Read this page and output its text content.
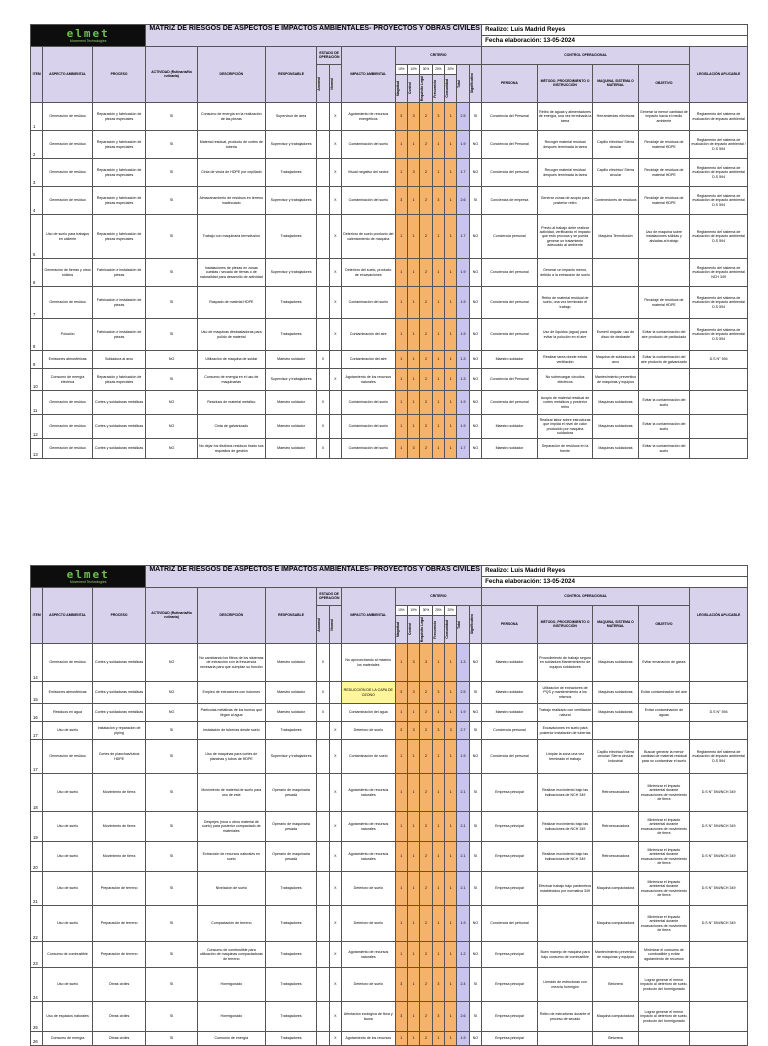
elmet
Movement Technologies			MATRIZ DE RIESGOS DE ASPECTOS E IMPACTOS AMBIENTALES- PROYECTOS Y OBRAS CIVILES													Realizo: Luis Madrid Reyes				
																Fecha elaboración: 13-05-2024				
ITEM	ASPECTO AMBIENTAL	PROCESO	ACTIVIDAD (Rutinaria/No rutinaria)	DESCRIPCIÓN	RESPONSABLE	ESTADO DE OPERACIÓN		IMPACTO AMBIENTAL	CRITERIO							CONTROL OPERACIONAL				LEGISLACIÓN APLICABLE

						Anormal	Normal		10%	10%	30%	20%	20%	Total	Significativo	PERSONA	MÉTODO, PROCEDIMIENTO O INSTRUCCIÓN	MAQUINA, SISTEMA O MATERIAL	OBJETIVO	

									Magnitud	Control	Requisito Legal	Frecuencia	Comunidad							

1	Generación de residuo	Reparación y fabricación de piezas especiales	SI	Consumo de energía en la realización de las piezas	Supervisor de área		X	Agotamiento de recursos energéticos	3	3	2	3	1	2.5	SI	Conciencia del Personal	Retiro de aguas y alimentadores de energía, una vez terminada la tarea	Herramientas eléctricas	Generar la menor cantidad de impacto hacia el medio ambiente	Reglamento del sistema de evaluación de impacto ambiental
2	Generación de residuo	Reparación y fabricación de piezas especiales	SI	Material residual, producto de cortes de tubería	Supervisor y trabajadores		X	Contaminación del suelo	1	1	2	1	1	1.9	NO	Conciencia del Personal	Recoger material residual después terminada la tarea	Capillo eléctrico/ Sierra circular	Reciclaje de residuos de material HDPE	Reglamento del sistema de evaluación de impacto ambiental / D.S 594
3	Generación de residuo	Reparación y fabricación de piezas especiales	SI	Cinta de viruta de HDPE por cepillado	Trabajadores		X	Visual negativo del sector	1	3	2	1	1	1.7	NO	Conciencia del personal	Recoger material residual después terminada la tarea	Capillo eléctrico/ Sierra circular	Reciclaje de residuos de material HDPE	Reglamento del sistema de evaluación de impacto ambiental D.S 594
4	Generación de residuo	Reparación y fabricación de piezas especiales	SI	Almacenamiento de residuos en terreno inadecuado	Supervisor y trabajadores		X	Contaminación del suelo	3	1	2	3	1	2.6	SI	Conciencia de empresa	Generar zonas de acopio para posterior retiro	Contenedores de residuos	Reciclaje de residuos de material HDPE	Reglamento del sistema de evaluación de impacto ambiental D.S 594
5	Uso de suelo para trabajos en caliente	Reparación y fabricación de piezas especiales	SI	Trabajo con maquinaria termofusión	Trabajadores		X	Deterioro de suelo producto del calentamiento de maquina	1	1	2	1	1	1.7	NO	Conciencia personal	Previo al trabajo debe realizar actividad, verificando el impacto que esto provoca y se pueda generar un tratamiento adecuado al ambiente	Maquina Termofusión	Uso de maquina sobre instalaciones sólidas y aisladas al trabajo	Reglamento del sistema de evaluación de impacto ambiental D.S 594
6	Generación de tierras y otros sólidos	Fabricación e instalación de piezas	SI	Instalaciones de piezas en zonas cuestas / secado de tierras o de naturalidad para desarrollo de actividad	Supervisor y trabajadores		X	Deterioro del suelo, producto de excavaciones	1	1	2	1	1	1.9	NO	Conciencia del personal	Generar un impacto menor, debido a la extracción de suelo			Reglamento del sistema de evaluación de impacto ambiental NCH 349
7	Generación de residuo	Fabricación e instalación de piezas	SI	Raspado de material HDPE	Trabajadores		X	Contaminación del suelo	1	1	2	1	1	1.9	NO	Conciencia del personal	Retiro de material residual de suelo, una vez terminado el trabajo		Reciclaje de residuos de material HDPE	Reglamento del sistema de evaluación de impacto ambiental D.S 594
8	Polución	Fabricación e instalación de piezas	SI	Uso de maquinas desbastadoras para pulido de material	Trabajadores		X	Contaminación del aire	1	1	2	1	1	1.9	NO	Conciencia del personal	Uso de líquidos (agua) para evitar la polución en el aire	Esmeril angular, uso de disco de desbaste	Evitar la contaminación del aire producto de particulado	Reglamento del sistema de evaluación de impacto ambiental D.S 594
9	Emisiones atmosféricas	Soldadura al arco	NO	Utilización de maquina de soldar	Maestro soldador	X		Contaminación del aire	1	1	2	1	1	1.3	NO	Maestro soldador	Realizar tarea donde exista ventilación	Maquina de soldadura al arco	Evitar la contaminación del aire producto de galvanizado	D.S N° 594
10	Consumo de energía eléctrica	Reparación y fabricación de piezas especiales	SI	Consumo de energía en el uso de maquinarias	Supervisor y trabajadores		X	Agotamiento de los recursos naturales	1	1	2	1	1	1.3	NO	Conciencia del Personal	No sobrecargar circuitos eléctricos	Mantenimiento preventivo de máquinas y equipos		
11	Generación de residuo	Cortes y soldaduras metálicas	NO	Residuos de material metálico	Maestro soldador	X		Contaminación del suelo	1	1	2	1	1	1.9	NO	Conciencia del personal	Acopio de material residual de cortes metálicos y posterior retiro	Maquinas soldadoras	Evitar la contaminación del suelo	
12	Generación de residuo	Cortes y soldaduras metálicas	NO	Cinta de galvanizado	Maestro soldador	X		Contaminación del suelo	1	1	2	1	1	1.9	NO	Maestro soldador	Realizar labor sobre estructuras que impida el nivel de calor producido por maquina soldadora	Maquinas soldadoras	Evitar la contaminación del suelo	
13	Generación de residuo	Cortes y soldaduras metálicas	NO	No dejar los distintos residuos tirado sus requisitos de gestión	Maestro soldador	X		Contaminación del suelo	1	3	2	1	1	1.7	NO	Maestro soldador	Separación de residuos en la fuente	Maquinas soldadoras	Evitar la contaminación del suelo	
elmet
Movement Technologies			MATRIZ DE RIESGOS DE ASPECTOS E IMPACTOS AMBIENTALES- PROYECTOS Y OBRAS CIVILES													Realizo: Luis Madrid Reyes				
																Fecha elaboración: 13-05-2024				
ITEM	ASPECTO AMBIENTAL	PROCESO	ACTIVIDAD (Rutinaria/No rutinaria)	DESCRIPCIÓN	RESPONSABLE	ESTADO DE OPERACIÓN		IMPACTO AMBIENTAL	CRITERIO							CONTROL OPERACIONAL				LEGISLACIÓN APLICABLE

						Anormal	Normal		10%	10%	30%	20%	20%	Total	Significativo	PERSONA	MÉTODO, PROCEDIMIENTO O INSTRUCCIÓN	MAQUINA, SISTEMA O MATERIAL	OBJETIVO	

									Magnitud	Control	Requisito Legal	Frecuencia	Comunidad							

14	Generación de residuo	Cortes y soldaduras metálicas	NO	No cambiando los filtros de los sistemas de extracción con la frecuencia necesaria para que cumplan su función	Maestro soldador	X		No aprovechando al máximo los materiales	1	3	3	1	1	1.3	NO	Maestro soldador	Procedimiento de trabajo seguro en soldadura Mantenimiento de equipos soldadores	Maquinas soldadoras	Evitar emanación de gases	
15	Emisiones atmosféricas	Cortes y soldaduras metálicas	NO	Empleo de extractores con hubones	Maestro soldador	X		REDUCCIÓN DE LA CAPA DE OZONO	3	3	2	3	1	2.5	SI	Maestro soldador	Utilización de extractores de PQS y mantenimiento a los mismos	Maquinas soldadoras	Evitar contaminación del aire	
16	Residuos en agua	Cortes y soldaduras metálicas	NO	Partículas metálicas de los humos que llegan al agua	Maestro soldador	X		Contaminación del agua	1	1	2	1	1	1.9	NO	Maestro soldador	Trabajo realizado con ventilación natural	Maquinas soldadoras	Evitar contaminación de aguas	D.S N° 594
17	Uso de suelo	Instalación y reparación de piping	SI	Instalación de tuberías desde suelo	Trabajadores		X	Deterioro de suelo	3	3	2	3	3	2.7	SI	Conciencia personal	Excavaciones en suelo para posterior instalación de tuberías			
17	Generación de residuo	Cortes de planchas/tubos HDPE	SI	Uso de maquinas para cortes de planchas y tubos de HDPE	Supervisor y trabajadores		X	Contaminación de suelo	1	1	2	1	1	1.9	NO	Conciencia del personal	Limpiar la zona una vez terminado el trabajo	Capillo eléctrico/ Sierra circular/ Sierra circular Industrial	Buscar generar la menor cantidad de material residual para no contaminar el suelo	Reglamento del sistema de evaluación de impacto ambiental D.S 594
18	Uso de suelo	Movimiento de tierra	SI	Movimiento de material de suelo para uso de este	Operario de maquinaria pesada		X	Agotamiento de recursos naturales	1	1	2	1	1	2.1	SI	Empresa principal	Realizar movimiento bajo las indicaciones de NCH 349	Retroexcavadora	Minimizar el impacto ambiental durante excavaciones de movimiento de tierra	D.S N° 594/NCH 349
19	Uso de suelo	Movimiento de tierra	SI	Despejes (roca u otros material de suelo) para posterior compactado de materiales	Operario de maquinaria pesada		X	Agotamiento de recursos naturales	1	1	2	1	1	2.1	SI	Empresa principal	Realizar movimiento bajo las indicaciones de NCH 349	Retroexcavadora	Minimizar el impacto ambiental durante excavaciones de movimiento de tierra	D.S N° 594/NCH 349
20	Uso de suelo	Movimiento de tierra	SI	Extracción de recursos naturales en suelo	Operario de maquinaria pesada		X	Agotamiento de recursos naturales	1	1	2	1	1	2.1	SI	Empresa principal	Realizar movimiento bajo las indicaciones de NCH 349	Retroexcavadora	Minimizar el impacto ambiental durante excavaciones de movimiento de tierra	D.S N° 594/NCH 349
21	Uso de suelo	Preparación de terreno	SI	Nivelación de suelo	Trabajadores		X	Deterioro de suelo	1	1	2	1	1	2.1	SI	Empresa principal	Efectuar trabajo bajo parámetros establecidos por normativa 349	Maquina compactadora	Minimizar el impacto ambiental durante excavaciones de movimiento de tierra	D.S N° 594/NCH 349
22	Uso de suelo	Preparación de terreno	SI	Compactación de terreno	Trabajadores		X	Deterioro de suelo	1	1	2	1	1	1.9	NO	Conciencia del personal		Maquina compactadora	Minimizar el impacto ambiental durante excavaciones de movimiento de tierra	D.S N° 594/NCH 349
23	Consumo de combustible	Preparación de terreno	SI	Consumo de combustible para utilización de maquinas compactadoras de terreno	Trabajadores		X	Agotamiento de recursos naturales	1	1	2	1	1	1.2	NO	Empresa principal	Buen manejo de maquina para bajo consumo de combustible	Mantenimiento preventivo de máquinas y equipos	Minimizar el consumo de combustible y evitar agotamiento de recursos	
24	Uso de suelo	Obras civiles	SI	Hormigonado	Trabajadores		X	Deterioro de suelo	3	1	2	3	1	2.4	SI	Empresa principal	Llenado de estructuras con mezcla hormigón	Betonera	Lograr generar el menor impacto al deterioro de suelo, producto del hormigonado	
25	Uso de espacios naturales	Obras civiles	SI	Hormigonado	Trabajadores		X	Afectación ecológica de flora y fauna	3	1	2	3	1	2.6	SI	Empresa principal	Retiro de estructuras durante el proceso de secado	Maquina compactadora	Lograr generar el menor impacto al deterioro de suelo, producto del hormigonado	
26	Consumo de energía	Obras civiles	SI	Consumo de energía	Trabajadores		X	Agotamiento de los recursos	1	1	2	1	1	1.9	NO	Empresa principal		Betonera		
